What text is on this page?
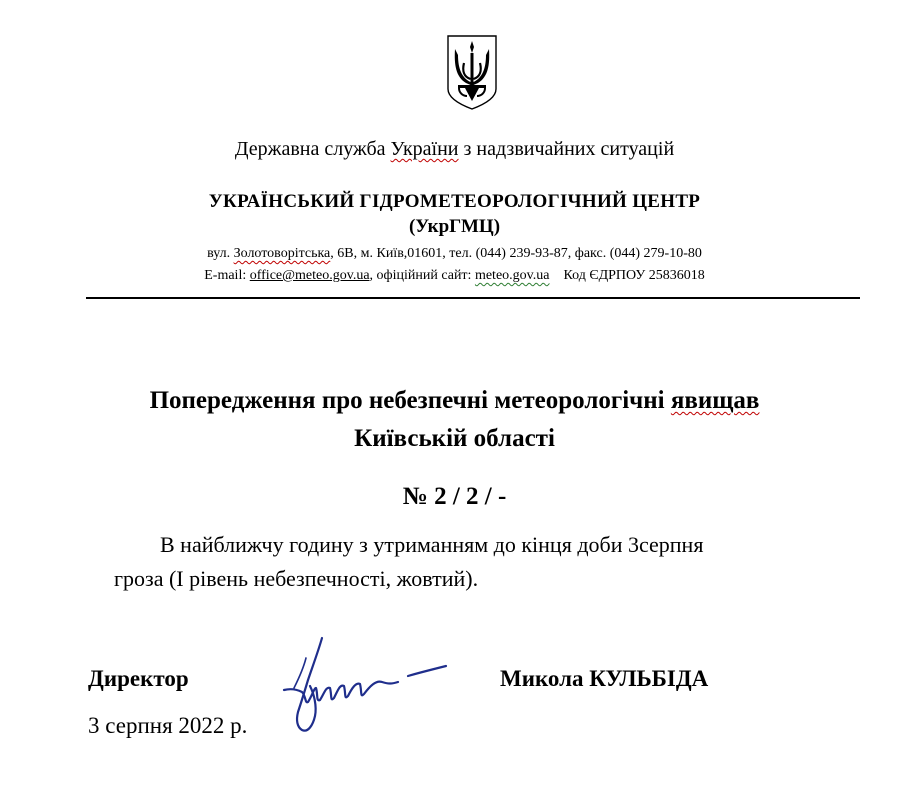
Державна служба України з надзвичайних ситуацій
УКРАЇНСЬКИЙ ГІДРОМЕТЕОРОЛОГІЧНИЙ ЦЕНТР
(УкрГМЦ)
вул. Золотоворітська, 6В, м. Київ,01601, тел. (044) 239-93-87, факс. (044) 279-10-80
E-mail: office@meteo.gov.ua, офіційний сайт: meteo.gov.ua Код ЄДРПОУ 25836018
Попередження про небезпечні метеорологічні явищав
Київській області
№ 2 / 2 / -
В найближчу годину з утриманням до кінця доби 3серпня
гроза (І рівень небезпечності, жовтий).
Директор	Микола КУЛЬБІДА
3 серпня 2022 р.
